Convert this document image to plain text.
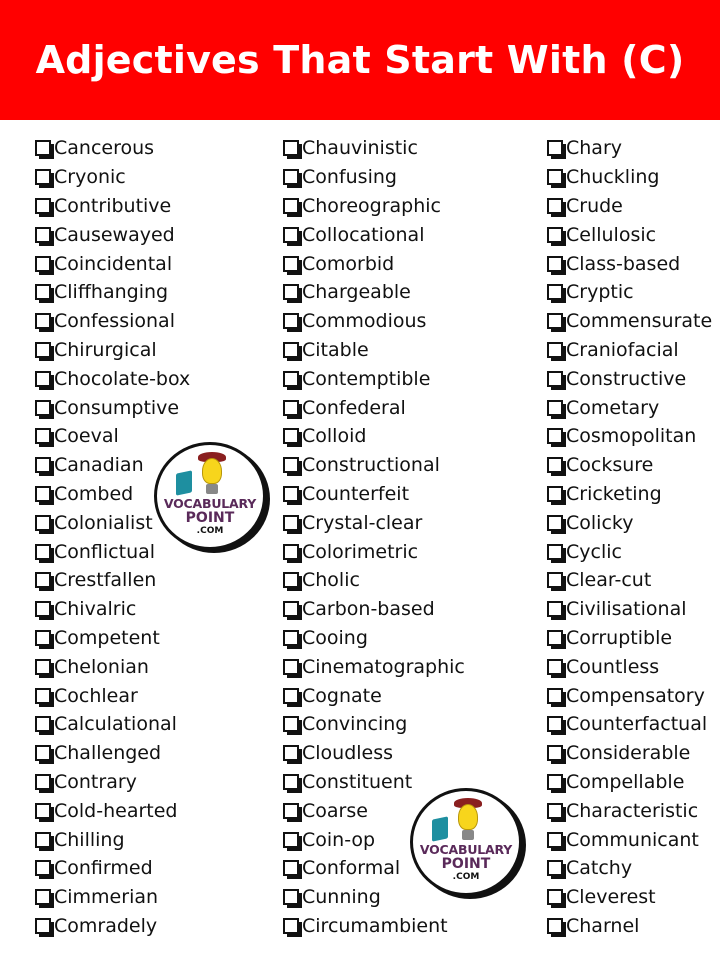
Adjectives That Start With (C)
Cancerous
Cryonic
Contributive
Causewayed
Coincidental
Cliffhanging
Confessional
Chirurgical
Chocolate-box
Consumptive
Coeval
Canadian
Combed
Colonialist
Conflictual
Crestfallen
Chivalric
Competent
Chelonian
Cochlear
Calculational
Challenged
Contrary
Cold-hearted
Chilling
Confirmed
Cimmerian
Comradely
Chauvinistic
Confusing
Choreographic
Collocational
Comorbid
Chargeable
Commodious
Citable
Contemptible
Confederal
Colloid
Constructional
Counterfeit
Crystal-clear
Colorimetric
Cholic
Carbon-based
Cooing
Cinematographic
Cognate
Convincing
Cloudless
Constituent
Coarse
Coin-op
Conformal
Cunning
Circumambient
Chary
Chuckling
Crude
Cellulosic
Class-based
Cryptic
Commensurate
Craniofacial
Constructive
Cometary
Cosmopolitan
Cocksure
Cricketing
Colicky
Cyclic
Clear-cut
Civilisational
Corruptible
Countless
Compensatory
Counterfactual
Considerable
Compellable
Characteristic
Communicant
Catchy
Cleverest
Charnel
VOCABULARY
POINT
.COM
VOCABULARY
POINT
.COM
